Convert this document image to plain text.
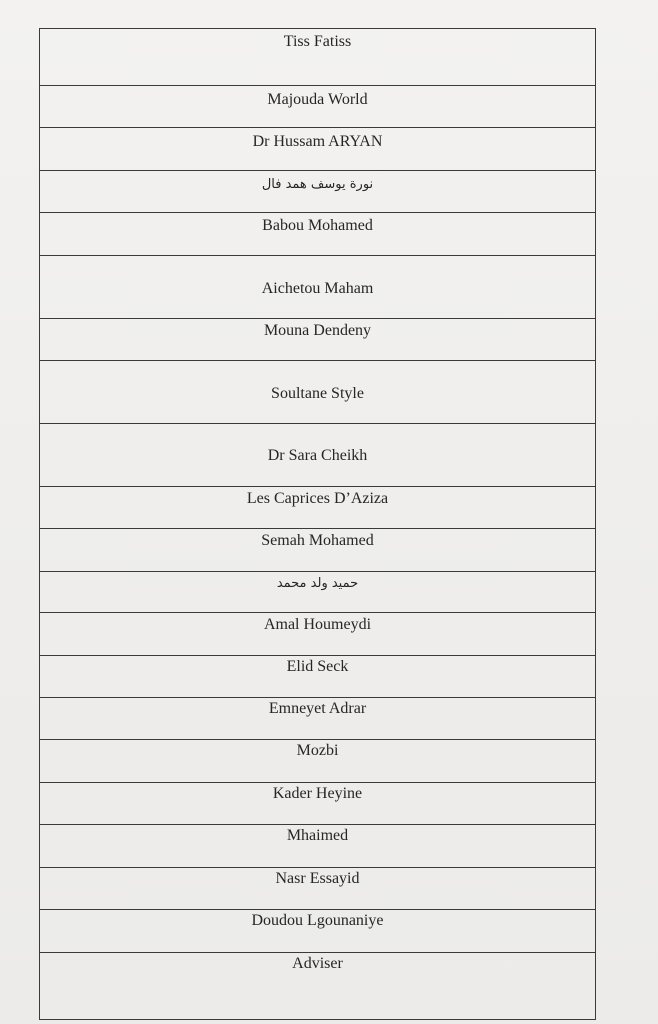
Tiss Fatiss
Majouda World
Dr Hussam ARYAN
نورة يوسف همد فال
Babou Mohamed
Aichetou Maham
Mouna Dendeny
Soultane Style
Dr Sara Cheikh
Les Caprices D’Aziza
Semah Mohamed
حميد ولد محمد
Amal Houmeydi
Elid Seck
Emneyet Adrar
Mozbi
Kader Heyine
Mhaimed
Nasr Essayid
Doudou Lgounaniye
Adviser
